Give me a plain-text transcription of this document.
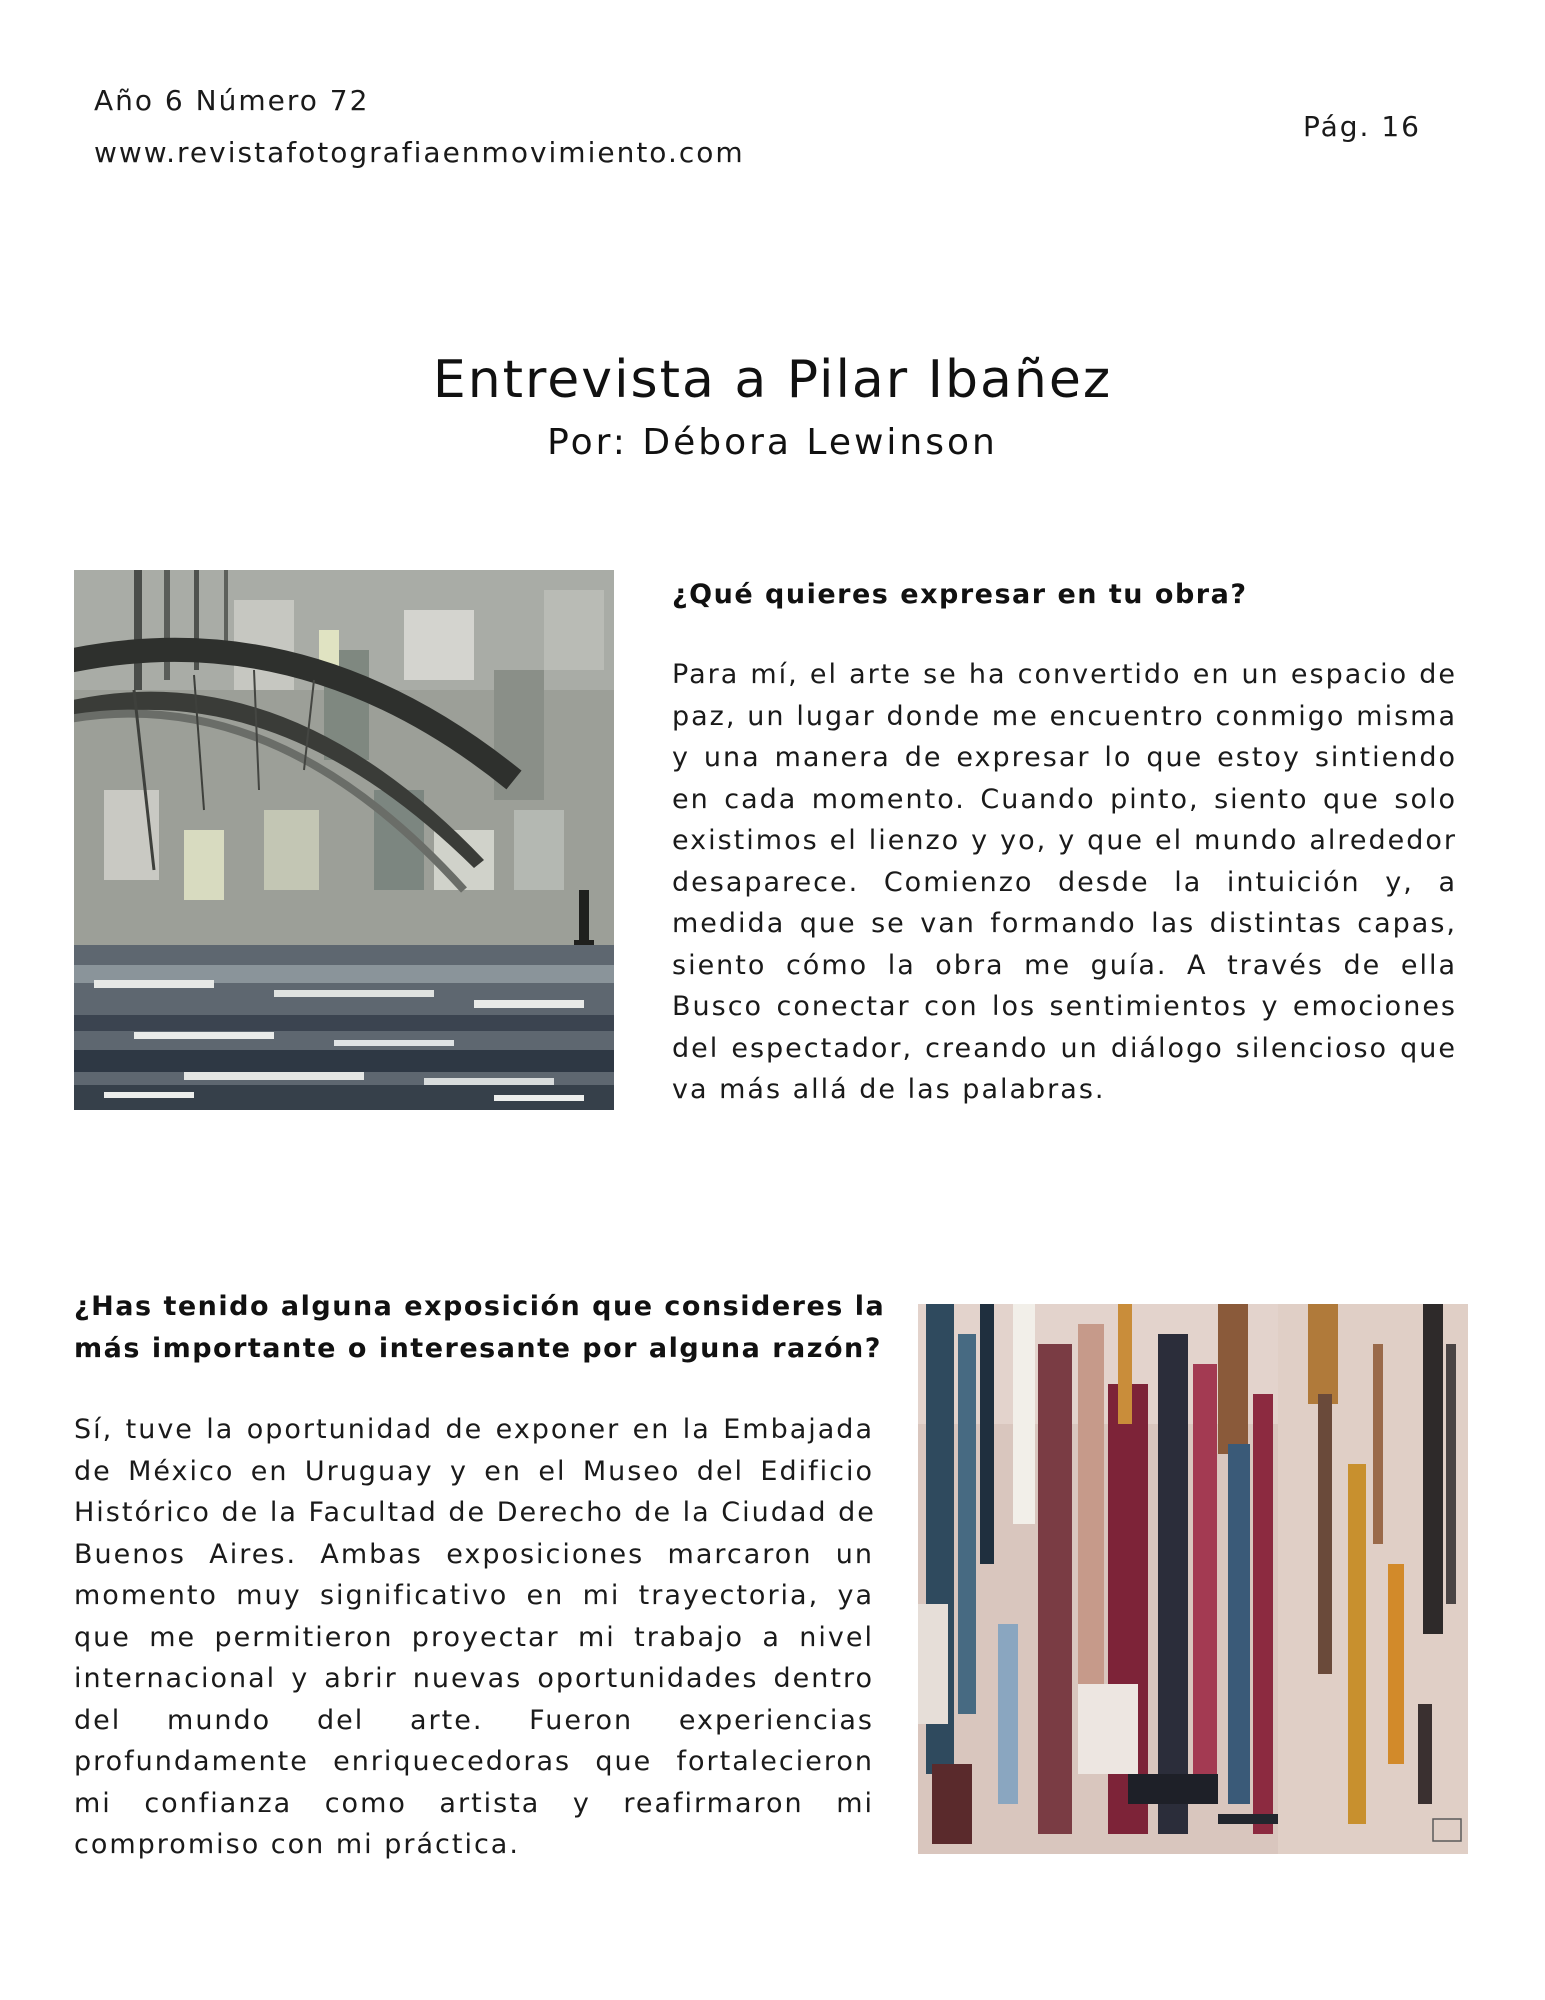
Año 6 Número 72
www.revistafotografiaenmovimiento.com
Pág. 16
Entrevista a Pilar Ibañez
Por: Débora Lewinson
¿Qué quieres expresar en tu obra?
Para mí, el arte se ha convertido en un espacio de
paz, un lugar donde me encuentro conmigo misma
y una manera de expresar lo que estoy sintiendo
en cada momento. Cuando pinto, siento que solo
existimos el lienzo y yo, y que el mundo alrededor
desaparece. Comienzo desde la intuición y, a
medida que se van formando las distintas capas,
siento cómo la obra me guía. A través de ella
Busco conectar con los sentimientos y emociones
del espectador, creando un diálogo silencioso que
va más allá de las palabras.
¿Has tenido alguna exposición que consideres la
más importante o interesante por alguna razón?
Sí, tuve la oportunidad de exponer en la Embajada
de México en Uruguay y en el Museo del Edificio
Histórico de la Facultad de Derecho de la Ciudad de
Buenos Aires. Ambas exposiciones marcaron un
momento muy significativo en mi trayectoria, ya
que me permitieron proyectar mi trabajo a nivel
internacional y abrir nuevas oportunidades dentro
del mundo del arte. Fueron experiencias
profundamente enriquecedoras que fortalecieron
mi confianza como artista y reafirmaron mi
compromiso con mi práctica.
